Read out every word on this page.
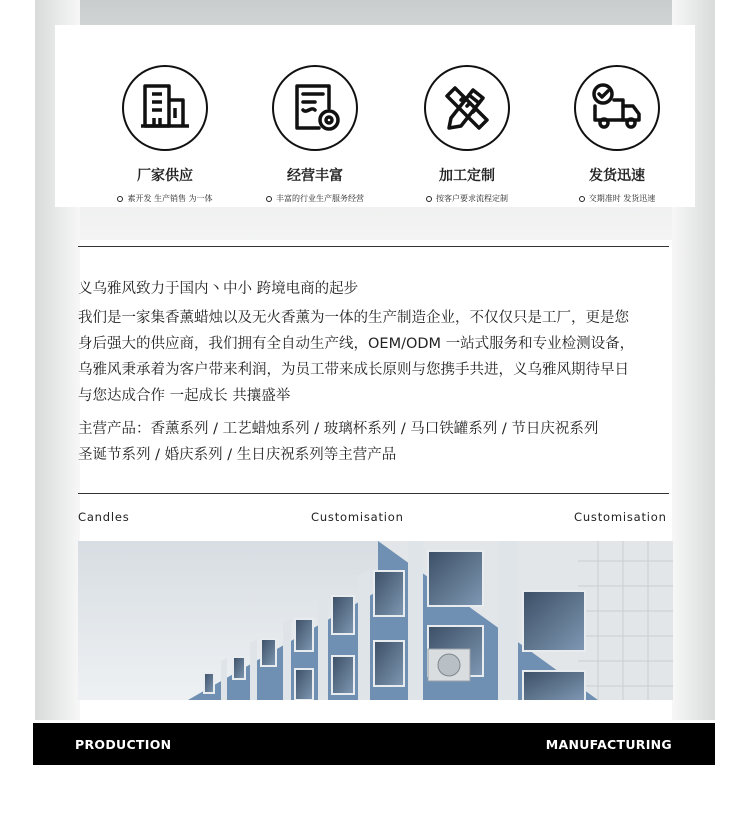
厂家供应
素开发 生产销售 为一体
经营丰富
丰富的行业生产服务经营
加工定制
按客户要求流程定制
发货迅速
交期准时 发货迅速
义乌雅风致力于国内丶中小 跨境电商的起步
我们是一家集香薰蜡烛以及无火香薰为一体的生产制造企业，不仅仅只是工厂，更是您
身后强大的供应商，我们拥有全自动生产线，OEM/ODM 一站式服务和专业检测设备，
乌雅风秉承着为客户带来利润，为员工带来成长原则与您携手共进，义乌雅风期待早日
与您达成合作 一起成长 共攘盛举
主营产品：香薰系列 / 工艺蜡烛系列 / 玻璃杯系列 / 马口铁罐系列 / 节日庆祝系列
圣诞节系列 / 婚庆系列 / 生日庆祝系列等主营产品
Candles	Customisation	Customisation
PRODUCTION	MANUFACTURING
